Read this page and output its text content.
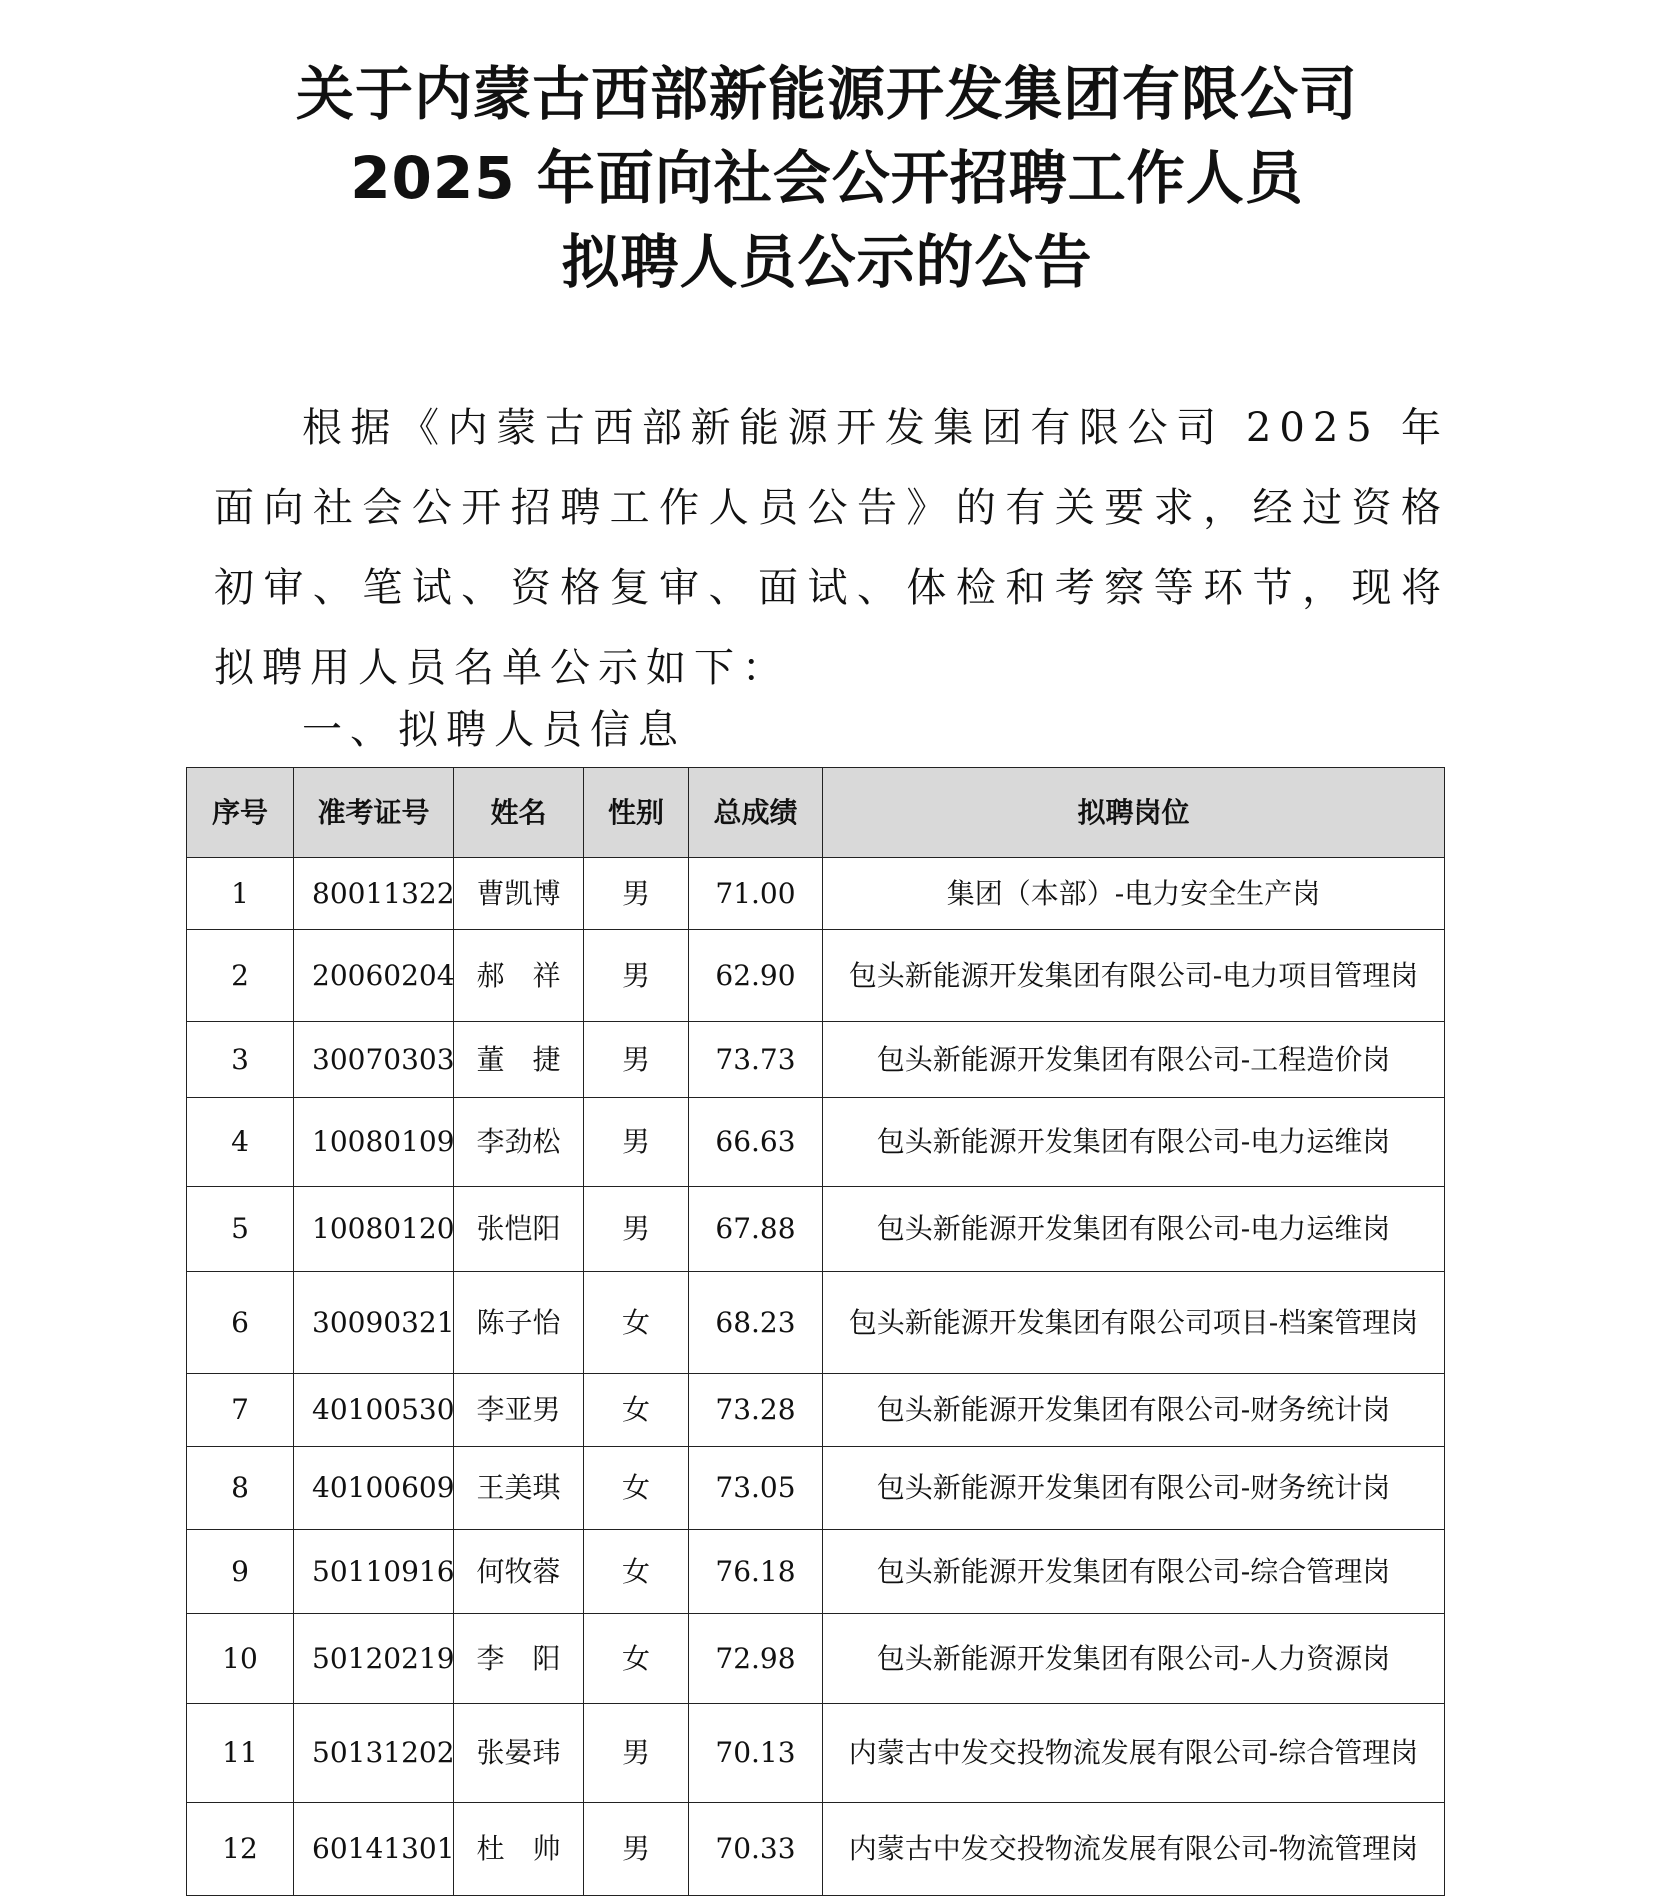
关于内蒙古西部新能源开发集团有限公司
2025 年面向社会公开招聘工作人员
拟聘人员公示的公告
根据《内蒙古西部新能源开发集团有限公司 2025 年面向社会公开招聘工作人员公告》的有关要求，经过资格初审、笔试、资格复审、面试、体检和考察等环节，现将拟聘用人员名单公示如下：
一、拟聘人员信息
序号	准考证号	姓名	性别	总成绩	拟聘岗位
1	80011322	曹凯博	男	71.00	集团（本部）-电力安全生产岗
2	20060204	郝　祥	男	62.90	包头新能源开发集团有限公司-电力项目管理岗
3	30070303	董　捷	男	73.73	包头新能源开发集团有限公司-工程造价岗
4	10080109	李劲松	男	66.63	包头新能源开发集团有限公司-电力运维岗
5	10080120	张恺阳	男	67.88	包头新能源开发集团有限公司-电力运维岗
6	30090321	陈子怡	女	68.23	包头新能源开发集团有限公司项目-档案管理岗
7	40100530	李亚男	女	73.28	包头新能源开发集团有限公司-财务统计岗
8	40100609	王美琪	女	73.05	包头新能源开发集团有限公司-财务统计岗
9	50110916	何牧蓉	女	76.18	包头新能源开发集团有限公司-综合管理岗
10	50120219	李　阳	女	72.98	包头新能源开发集团有限公司-人力资源岗
11	50131202	张晏玮	男	70.13	内蒙古中发交投物流发展有限公司-综合管理岗
12	60141301	杜　帅	男	70.33	内蒙古中发交投物流发展有限公司-物流管理岗
